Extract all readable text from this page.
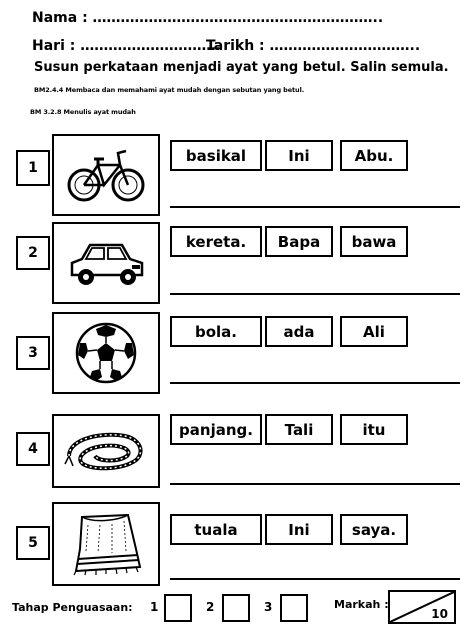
Nama : ……………………………………………………..
Hari : …………………………
Tarikh : …………………………..
Susun perkataan menjadi ayat yang betul. Salin semula.
BM2.4.4 Membaca dan memahami ayat mudah dengan sebutan yang betul.
BM 3.2.8 Menulis ayat mudah
1
basikal	Ini	Abu.
2
kereta.	Bapa	bawa
3
bola.	ada	Ali
4
panjang.	Tali	itu
5
tuala	Ini	saya.
Tahap Penguasaan: 1	2	3	Markah :
10
